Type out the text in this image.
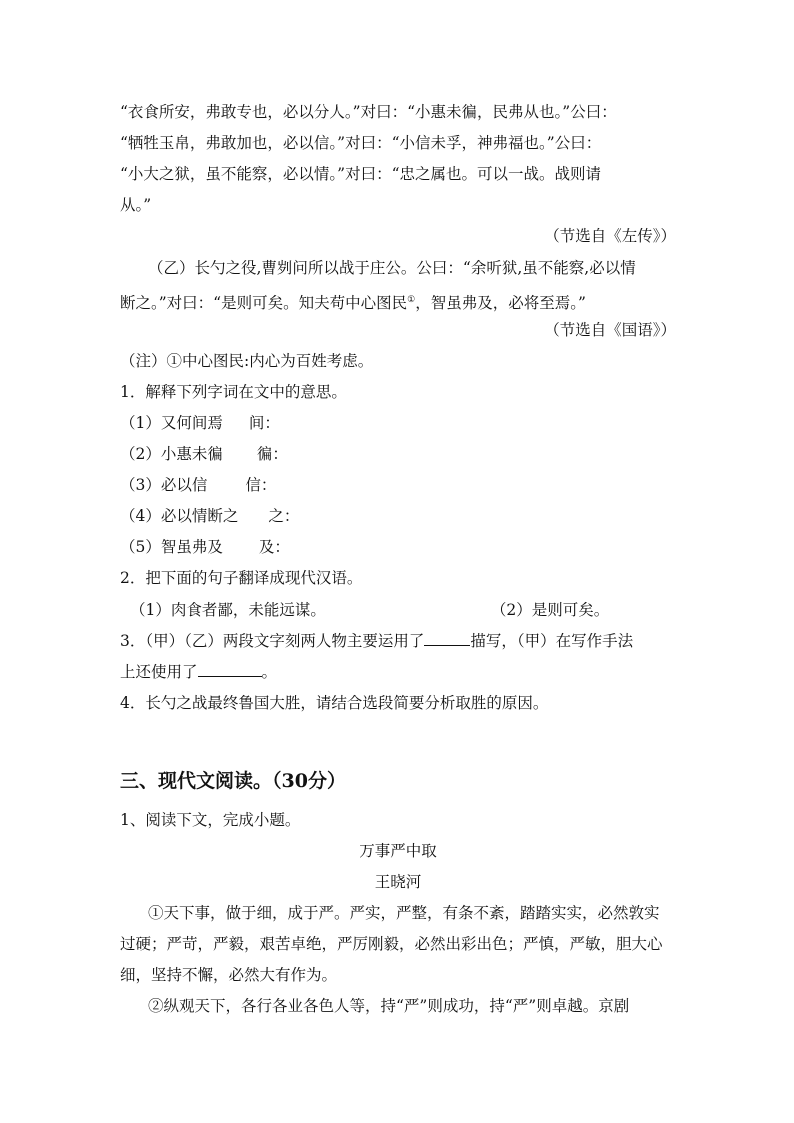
“衣食所安，弗敢专也，必以分人。”对曰：“小惠未徧，民弗从也。”公曰：
“牺牲玉帛，弗敢加也，必以信。”对曰：“小信未孚，神弗福也。”公曰：
“小大之狱，虽不能察，必以情。”对曰：“忠之属也。可以一战。战则请
从。”
（节选自《左传》）
（乙）长勺之役,曹刿问所以战于庄公。公曰：“余听狱,虽不能察,必以情
断之。”对曰：“是则可矣。知夫苟中心图民①，智虽弗及，必将至焉。”
（节选自《国语》）
（注）①中心图民:内心为百姓考虑。
1．解释下列字词在文中的意思。
（1）又何间焉 间：
（2）小惠未徧 徧：
（3）必以信 信：
（4）必以情断之 之：
（5）智虽弗及 及：
2．把下面的句子翻译成现代汉语。
（1）肉食者鄙，未能远谋。	（2）是则可矣。
3．（甲）（乙）两段文字刻两人物主要运用了	描写，（甲）在写作手法
上还使用了	。
4．长勺之战最终鲁国大胜，请结合选段简要分析取胜的原因。
三、现代文阅读。（30分）
1、阅读下文，完成小题。
万事严中取
王晓河
①天下事，做于细，成于严。严实，严整，有条不紊，踏踏实实，必然敦实
过硬；严苛，严毅，艰苦卓绝，严厉刚毅，必然出彩出色；严慎，严敏，胆大心
细，坚持不懈，必然大有作为。
②纵观天下，各行各业各色人等，持“严”则成功，持“严”则卓越。京剧
